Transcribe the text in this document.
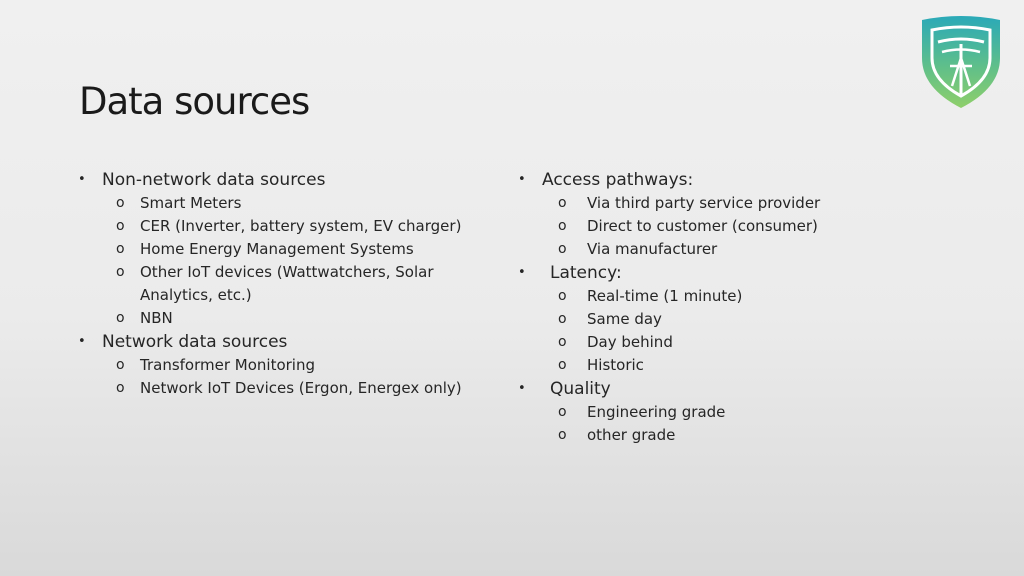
Data sources
• Non-network data sources
o Smart Meters
o CER (Inverter, battery system, EV charger)
o Home Energy Management Systems
o Other IoT devices (Wattwatchers, Solar Analytics, etc.)
o NBN
• Network data sources
o Transformer Monitoring
o Network IoT Devices (Ergon, Energex only)
• Access pathways:
o Via third party service provider
o Direct to customer (consumer)
o Via manufacturer
• Latency:
o Real-time (1 minute)
o Same day
o Day behind
o Historic
• Quality
o Engineering grade
o other grade
